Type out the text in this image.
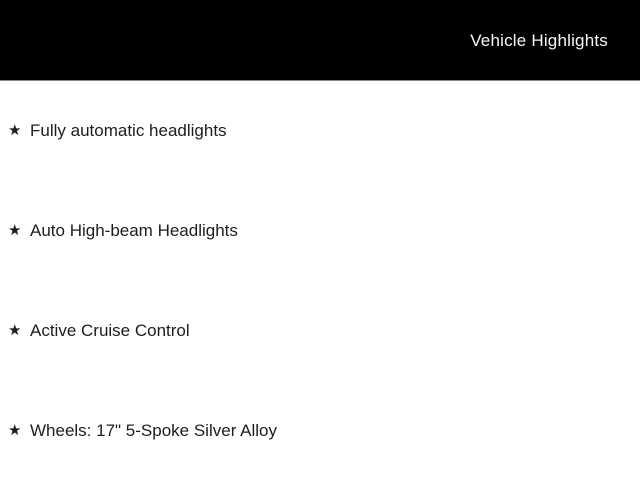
Vehicle Highlights
★ Fully automatic headlights
★ Auto High-beam Headlights
★ Active Cruise Control
★ Wheels: 17" 5-Spoke Silver Alloy
